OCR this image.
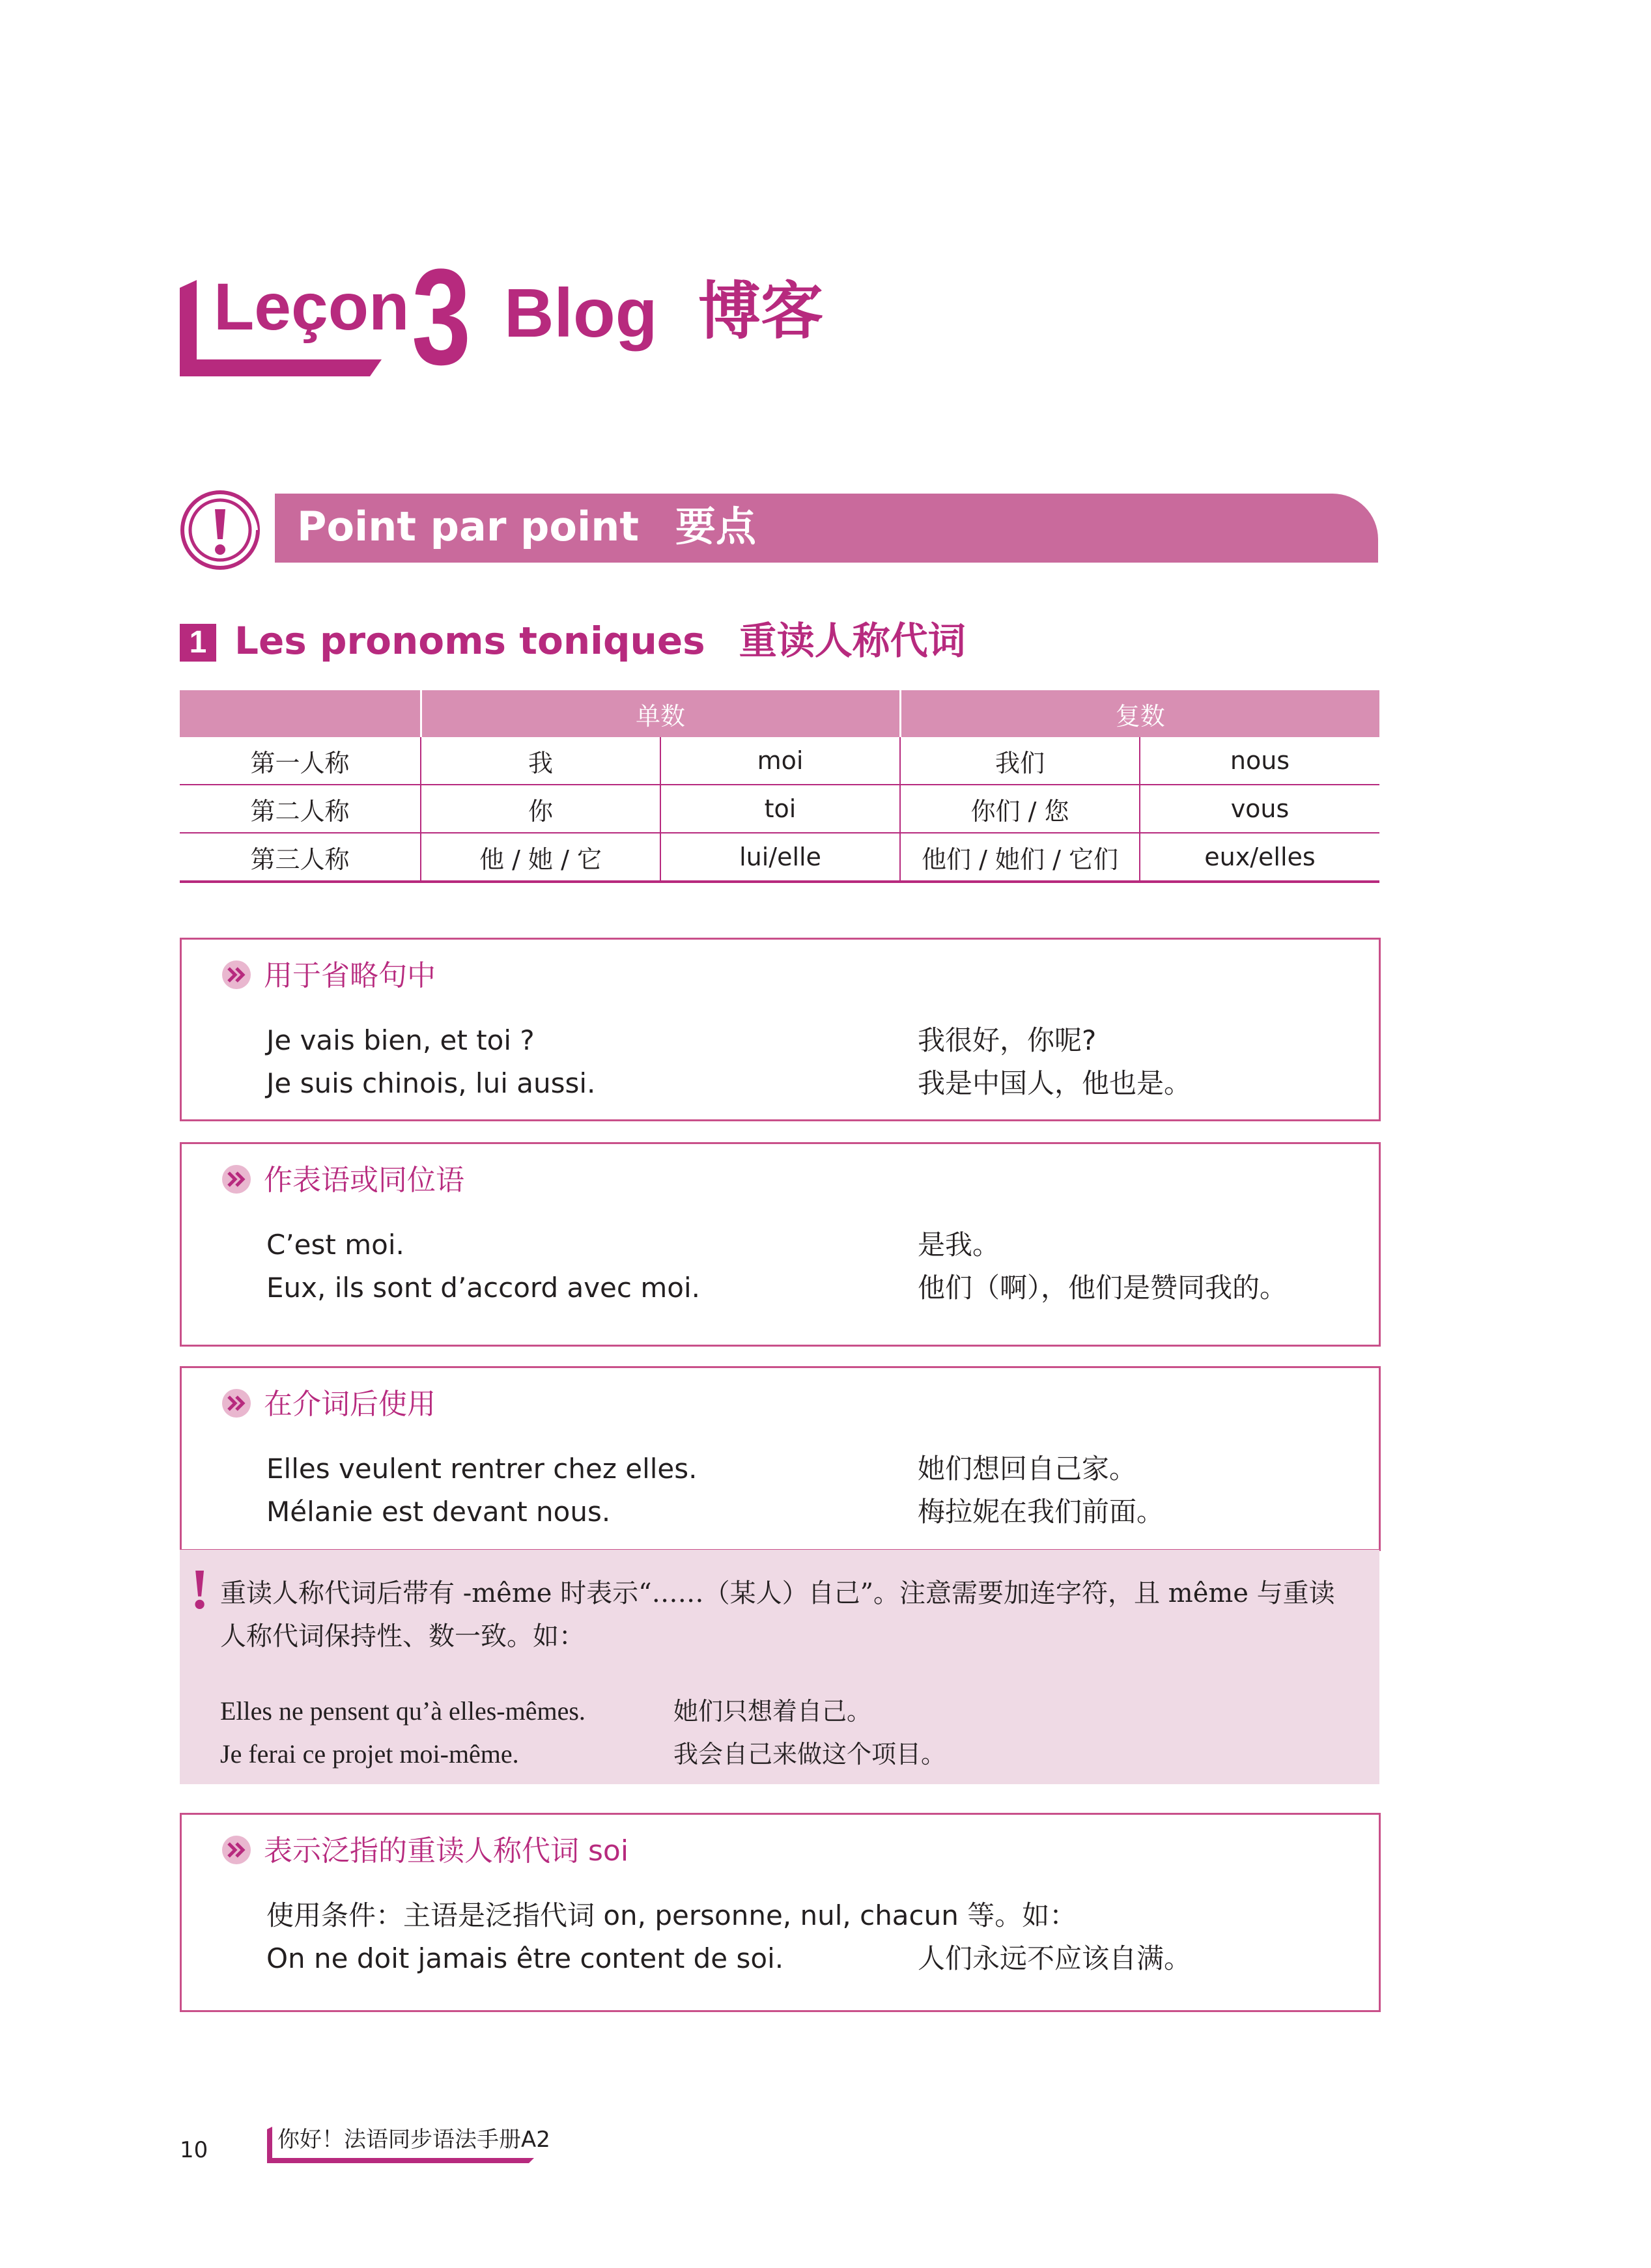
Leçon 3 Blog 博客
Point par point 要点
1 Les pronoms toniques 重读人称代词
	单数		复数	
第一人称	我	moi	我们	nous
第二人称	你	toi	你们 / 您	vous
第三人称	他 / 她 / 它	lui/elle	他们 / 她们 / 它们	eux/elles
用于省略句中
Je vais bien, et toi ?	我很好，你呢?
Je suis chinois, lui aussi.	我是中国人，他也是。
作表语或同位语
C’est moi.	是我。
Eux, ils sont d’accord avec moi.	他们（啊），他们是赞同我的。
在介词后使用
Elles veulent rentrer chez elles.	她们想回自己家。
Mélanie est devant nous.	梅拉妮在我们前面。
! 重读人称代词后带有 -même 时表示“……（某人）自己”。注意需要加连字符，且 même 与重读人称代词保持性、数一致。如：
Elles ne pensent qu’à elles-mêmes.	她们只想着自己。
Je ferai ce projet moi-même.	我会自己来做这个项目。
表示泛指的重读人称代词 soi
使用条件：主语是泛指代词 on, personne, nul, chacun 等。如：
On ne doit jamais être content de soi.	人们永远不应该自满。
10	你好！法语同步语法手册A2
